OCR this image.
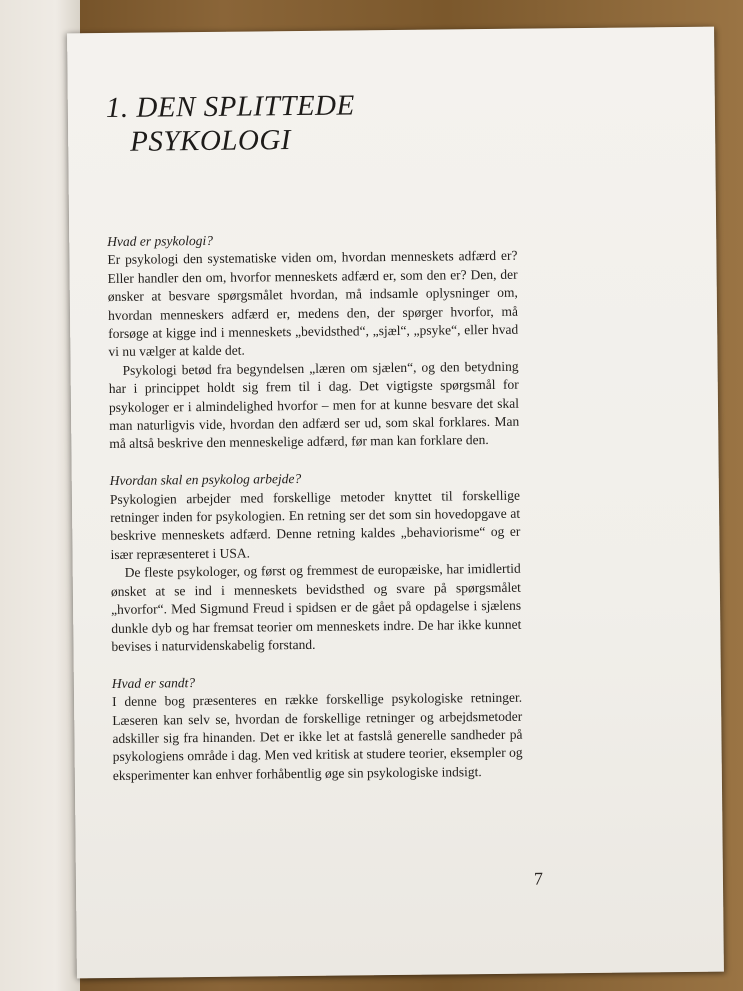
1. DEN SPLITTEDE
PSYKOLOGI
Hvad er psykologi?

Er psykologi den systematiske viden om, hvordan menneskets adfærd er? Eller handler den om, hvorfor menneskets adfærd er, som den er? Den, der ønsker at besvare spørgsmålet hvordan, må indsamle oplysninger om, hvordan menneskers adfærd er, medens den, der spørger hvorfor, må forsøge at kigge ind i menneskets „bevidsthed“, „sjæl“, „psyke“, eller hvad vi nu vælger at kalde det.

Psykologi betød fra begyndelsen „læren om sjælen“, og den betydning har i princippet holdt sig frem til i dag. Det vigtigste spørgsmål for psykologer er i almindelighed hvorfor – men for at kunne besvare det skal man naturligvis vide, hvordan den adfærd ser ud, som skal forklares. Man må altså beskrive den menneskelige adfærd, før man kan forklare den.

Hvordan skal en psykolog arbejde?

Psykologien arbejder med forskellige metoder knyttet til forskellige retninger inden for psykologien. En retning ser det som sin hovedopgave at beskrive menneskets adfærd. Denne retning kaldes „behaviorisme“ og er især repræsenteret i USA.

De fleste psykologer, og først og fremmest de europæiske, har imidlertid ønsket at se ind i menneskets bevidsthed og svare på spørgsmålet „hvorfor“. Med Sigmund Freud i spidsen er de gået på opdagelse i sjælens dunkle dyb og har fremsat teorier om menneskets indre. De har ikke kunnet bevises i naturvidenskabelig forstand.

Hvad er sandt?

I denne bog præsenteres en række forskellige psykologiske retninger. Læseren kan selv se, hvordan de forskellige retninger og arbejdsmetoder adskiller sig fra hinanden. Det er ikke let at fastslå generelle sandheder på psykologiens område i dag. Men ved kritisk at studere teorier, eksempler og eksperimenter kan enhver forhåbentlig øge sin psykologiske indsigt.

7
